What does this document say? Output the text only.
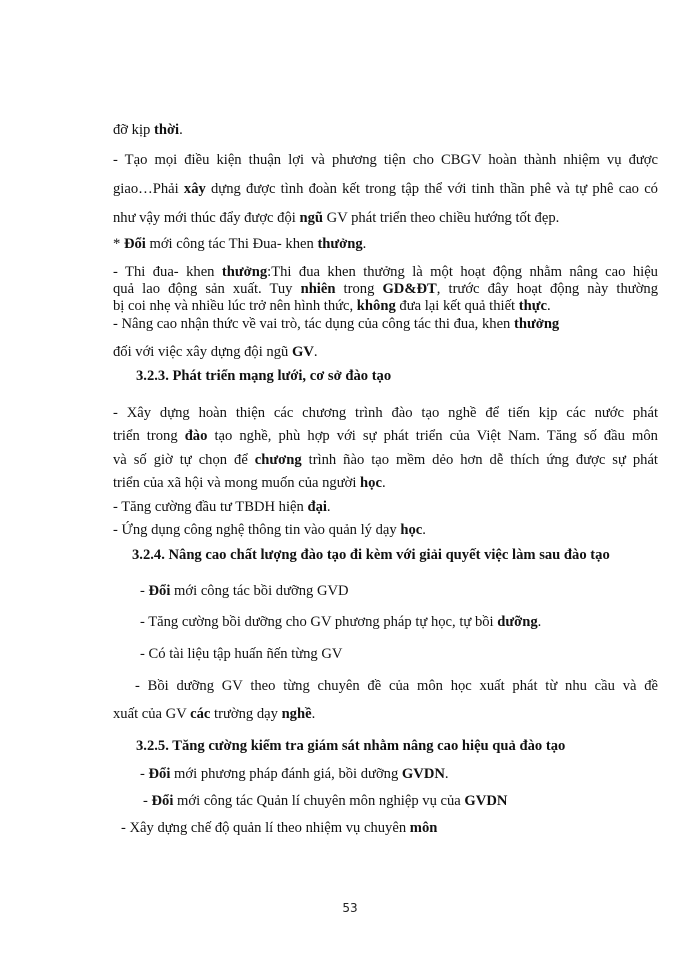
đỡ kịp thời.
- Tạo mọi điều kiện thuận lợi và phương tiện cho CBGV hoàn thành nhiệm vụ được
giao…Phải xây dựng được tình đoàn kết trong tập thể với tinh thần phê và tự phê cao có
như vậy mới thúc đẩy được đội ngũ GV phát triển theo chiều hướng tốt đẹp.
* Đổi mới công tác Thi Đua- khen thưởng.
- Thi đua- khen thưởng:Thi đua khen thưởng là một hoạt động nhằm nâng cao hiệu
quả lao động sản xuất. Tuy nhiên trong GD&ĐT, trước đây hoạt động này thường
bị coi nhẹ và nhiều lúc trở nên hình thức, không đưa lại kết quả thiết thực.
- Nâng cao nhận thức về vai trò, tác dụng của công tác thi đua, khen thưởng
đối với việc xây dựng đội ngũ GV.
3.2.3. Phát triển mạng lưới, cơ sở đào tạo
- Xây dựng hoàn thiện các chương trình đào tạo nghề để tiến kịp các nước phát
triển trong đào tạo nghề, phù hợp với sự phát triển của Việt Nam. Tăng số đầu môn
và số giờ tự chọn để chương trình ñào tạo mềm dẻo hơn dễ thích ứng được sự phát
triển của xã hội và mong muốn của người học.
- Tăng cường đầu tư TBDH hiện đại.
- Ứng dụng công nghệ thông tin vào quản lý dạy học.
3.2.4. Nâng cao chất lượng đào tạo đi kèm với giải quyết việc làm sau đào tạo
- Đổi mới công tác bồi dưỡng GVD
- Tăng cường bồi dưỡng cho GV phương pháp tự học, tự bồi dưỡng.
- Có tài liệu tập huấn ñến từng GV
- Bồi dưỡng GV theo từng chuyên đề của môn học xuất phát từ nhu cầu và đề
xuất của GV các trường dạy nghề.
3.2.5. Tăng cường kiểm tra giám sát nhằm nâng cao hiệu quả đào tạo
- Đổi mới phương pháp đánh giá, bồi dưỡng GVDN.
- Đổi mới công tác Quản lí chuyên môn nghiệp vụ của GVDN
- Xây dựng chế độ quản lí theo nhiệm vụ chuyên môn
53
